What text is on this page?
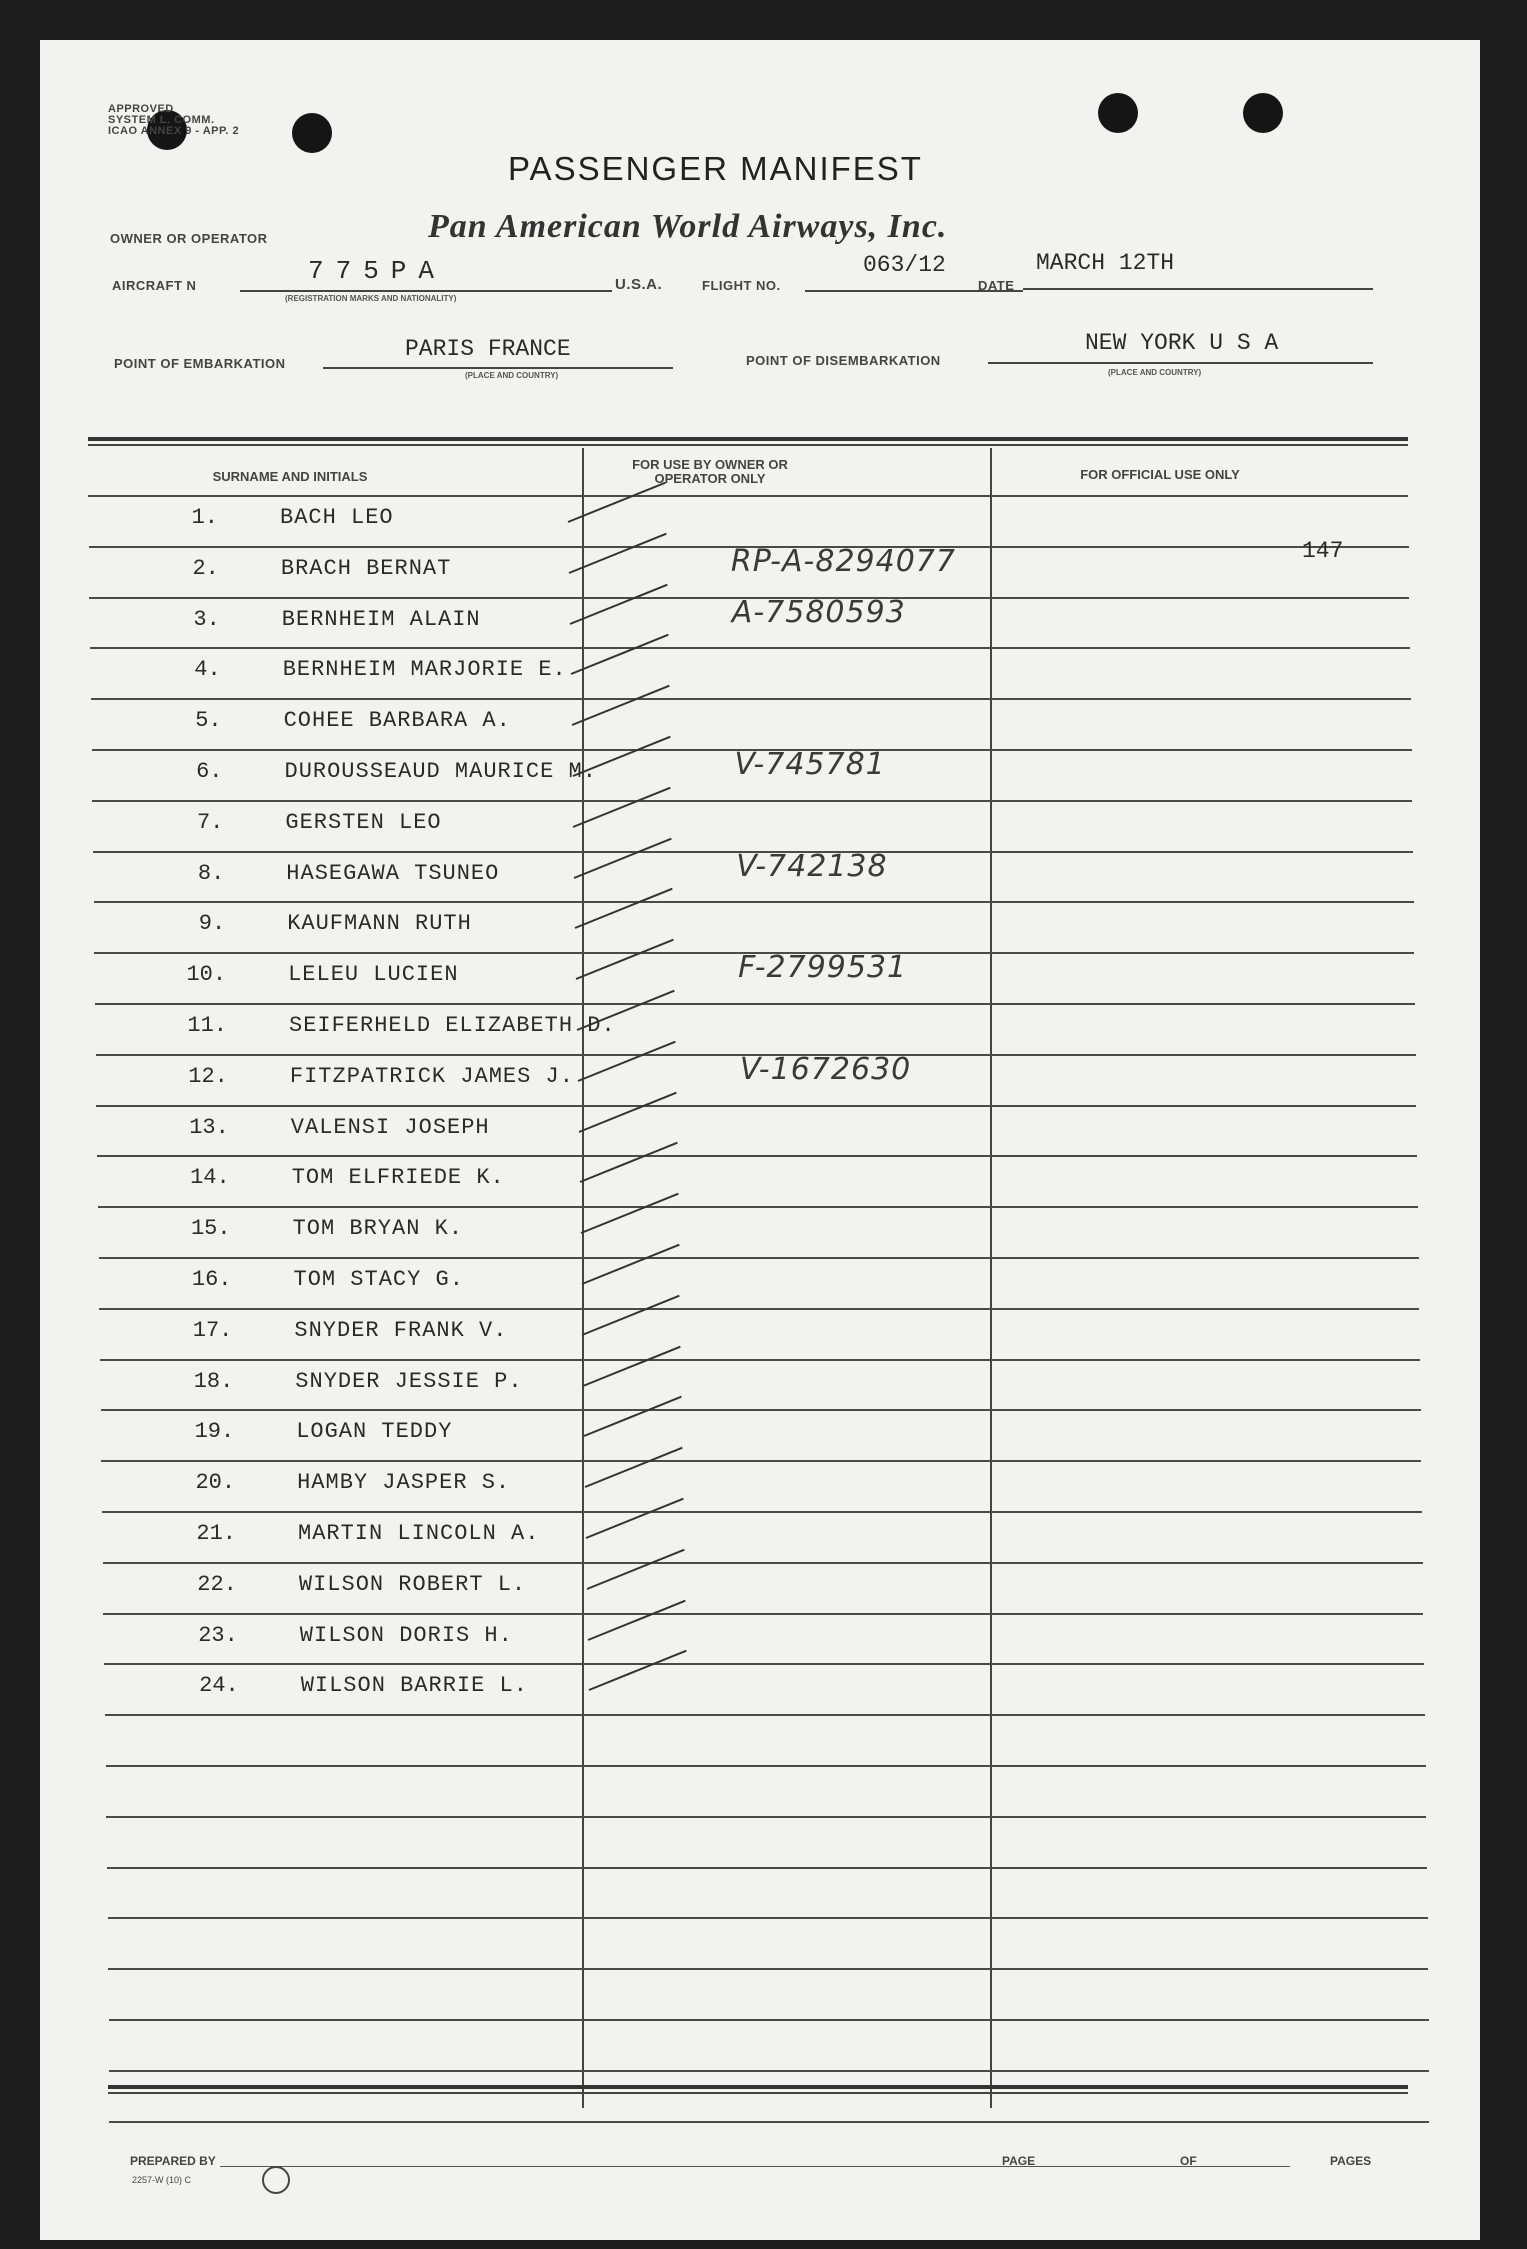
APPROVED
SYSTEM L. COMM.
ICAO ANNEX 9 - APP. 2
PASSENGER MANIFEST
OWNER OR OPERATOR	Pan American World Airways, Inc.
AIRCRAFT N	775PA
(REGISTRATION MARKS AND NATIONALITY)
U.S.A.	FLIGHT NO.
063/12
DATE
MARCH 12TH
POINT OF EMBARKATION
PARIS FRANCE
(PLACE AND COUNTRY)
POINT OF DISEMBARKATION
NEW YORK U S A
(PLACE AND COUNTRY)
SURNAME AND INITIALS
FOR USE BY OWNER OR OPERATOR ONLY	FOR OFFICIAL USE ONLY
1.	BACH LEO
2.	BRACH BERNAT	RP-A-8294077	147
3.	BERNHEIM ALAIN	A-7580593
4.	BERNHEIM MARJORIE E.
5.	COHEE BARBARA A.
6.	DUROUSSEAUD MAURICE M.	V-745781
7.	GERSTEN LEO
8.	HASEGAWA TSUNEO	V-742138
9.	KAUFMANN RUTH
10.	LELEU LUCIEN	F-2799531
11.	SEIFERHELD ELIZABETH D.
12.	FITZPATRICK JAMES J.	V-1672630
13.	VALENSI JOSEPH
14.	TOM ELFRIEDE K.
15.	TOM BRYAN K.
16.	TOM STACY G.
17.	SNYDER FRANK V.
18.	SNYDER JESSIE P.
19.	LOGAN TEDDY
20.	HAMBY JASPER S.
21.	MARTIN LINCOLN A.
22.	WILSON ROBERT L.
23.	WILSON DORIS H.
24.	WILSON BARRIE L.
PREPARED BY	PAGE	OF	PAGES
2257-W (10) C
